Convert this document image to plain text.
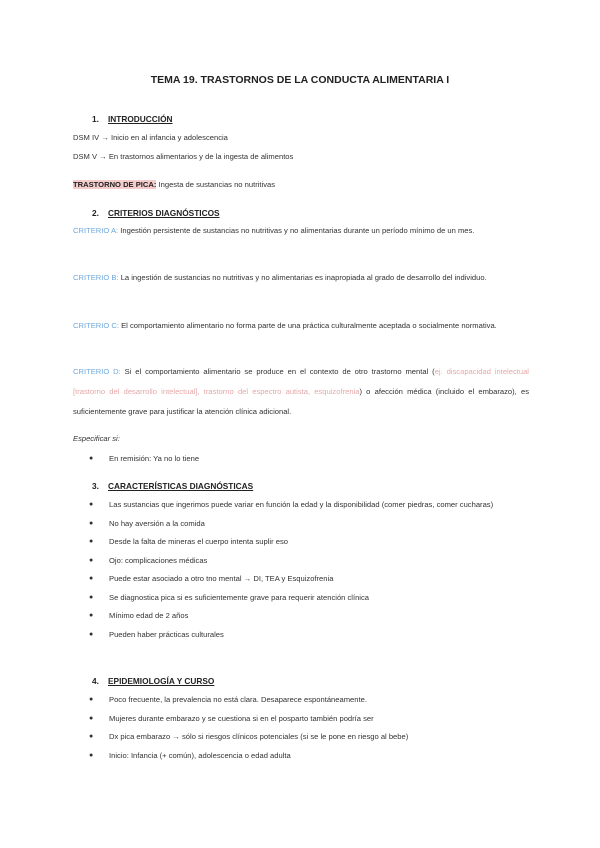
TEMA 19. TRASTORNOS DE LA CONDUCTA ALIMENTARIA I
1. INTRODUCCIÓN
DSM IV → Inicio en al infancia y adolescencia
DSM V → En trastornos alimentarios y de la ingesta de alimentos
TRASTORNO DE PICA: Ingesta de sustancias no nutritivas
2. CRITERIOS DIAGNÓSTICOS
CRITERIO A: Ingestión persistente de sustancias no nutritivas y no alimentarias durante un período mínimo de un mes.
CRITERIO B: La ingestión de sustancias no nutritivas y no alimentarias es inapropiada al grado de desarrollo del individuo.
CRITERIO C: El comportamiento alimentario no forma parte de una práctica culturalmente aceptada o socialmente normativa.
CRITERIO D: Si el comportamiento alimentario se produce en el contexto de otro trastorno mental (ej. discapacidad intelectual [trastorno del desarrollo intelectual], trastorno del espectro autista, esquizofrenia) o afección médica (incluido el embarazo), es suficientemente grave para justificar la atención clínica adicional.
Especificar si:
● En remisión: Ya no lo tiene
3. CARACTERÍSTICAS DIAGNÓSTICAS
● Las sustancias que ingerimos puede variar en función la edad y la disponibilidad (comer piedras, comer cucharas)
● No hay aversión a la comida
● Desde la falta de mineras el cuerpo intenta suplir eso
● Ojo: complicaciones médicas
● Puede estar asociado a otro tno mental → DI, TEA y Esquizofrenia
● Se diagnostica pica si es suficientemente grave para requerir atención clínica
● Mínimo edad de 2 años
● Pueden haber prácticas culturales
4. EPIDEMIOLOGÍA Y CURSO
● Poco frecuente, la prevalencia no está clara. Desaparece espontáneamente.
● Mujeres durante embarazo y se cuestiona si en el posparto también podría ser
● Dx pica embarazo → sólo si riesgos clínicos potenciales (si se le pone en riesgo al bebe)
● Inicio: Infancia (+ común), adolescencia o edad adulta
